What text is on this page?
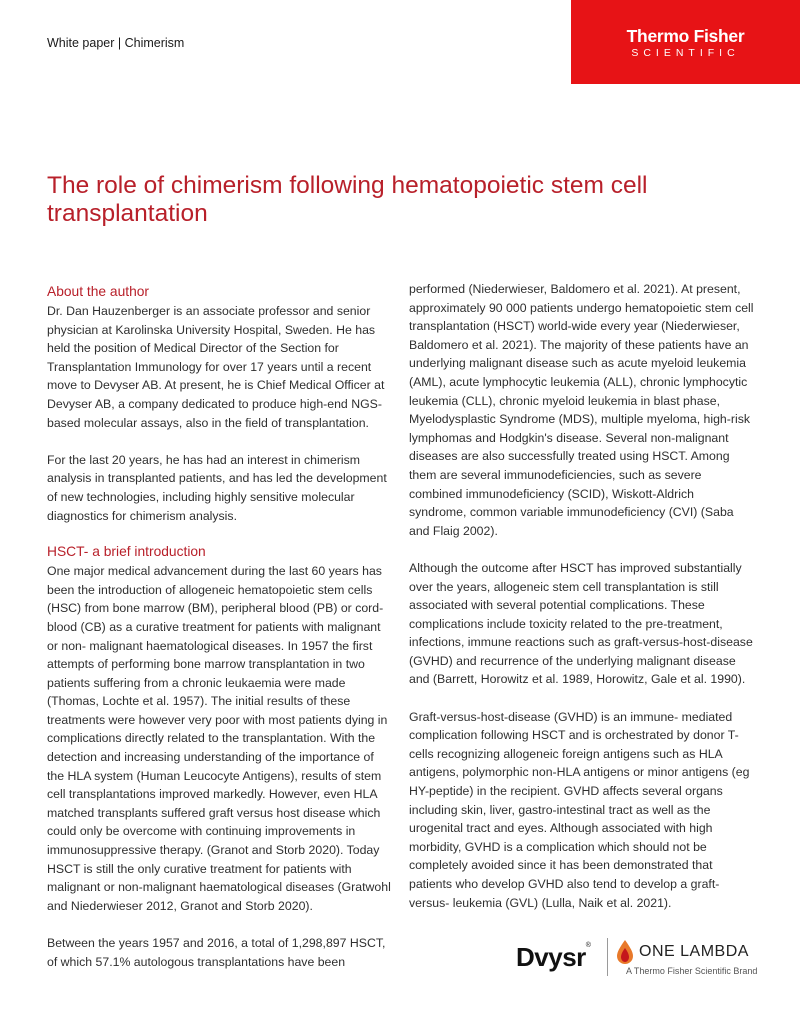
White paper | Chimerism	Thermo Fisher
SCIENTIFIC
The role of chimerism following hematopoietic stem cell transplantation
About the author

Dr. Dan Hauzenberger is an associate professor and senior physician at Karolinska University Hospital, Sweden. He has held the position of Medical Director of the Section for Transplantation Immunology for over 17 years until a recent move to Devyser AB. At present, he is Chief Medical Officer at Devyser AB, a company dedicated to produce high-end NGS-based molecular assays, also in the field of transplantation.

For the last 20 years, he has had an interest in chimerism analysis in transplanted patients, and has led the development of new technologies, including highly sensitive molecular diagnostics for chimerism analysis.

HSCT- a brief introduction

One major medical advancement during the last 60 years has been the introduction of allogeneic hematopoietic stem cells (HSC) from bone marrow (BM), peripheral blood (PB) or cord-blood (CB) as a curative treatment for patients with malignant or non- malignant haematological diseases. In 1957 the first attempts of performing bone marrow transplantation in two patients suffering from a chronic leukaemia were made (Thomas, Lochte et al. 1957). The initial results of these treatments were however very poor with most patients dying in complications directly related to the transplantation. With the detection and increasing understanding of the importance of the HLA system (Human Leucocyte Antigens), results of stem cell transplantations improved markedly. However, even HLA matched transplants suffered graft versus host disease which could only be overcome with continuing improvements in immunosuppressive therapy. (Granot and Storb 2020). Today HSCT is still the only curative treatment for patients with malignant or non-malignant haematological diseases (Gratwohl and Niederwieser 2012, Granot and Storb 2020).

Between the years 1957 and 2016, a total of 1,298,897 HSCT, of which 57.1% autologous transplantations have been

performed (Niederwieser, Baldomero et al. 2021). At present, approximately 90 000 patients undergo hematopoietic stem cell transplantation (HSCT) world-wide every year (Niederwieser, Baldomero et al. 2021). The majority of these patients have an underlying malignant disease such as acute myeloid leukemia (AML), acute lymphocytic leukemia (ALL), chronic lymphocytic leukemia (CLL), chronic myeloid leukemia in blast phase, Myelodysplastic Syndrome (MDS), multiple myeloma, high-risk lymphomas and Hodgkin's disease. Several non-malignant diseases are also successfully treated using HSCT. Among them are several immunodeficiencies, such as severe combined immunodeficiency (SCID), Wiskott-Aldrich syndrome, common variable immunodeficiency (CVI) (Saba and Flaig 2002).

Although the outcome after HSCT has improved substantially over the years, allogeneic stem cell transplantation is still associated with several potential complications. These complications include toxicity related to the pre-treatment, infections, immune reactions such as graft-versus-host-disease (GVHD) and recurrence of the underlying malignant disease and (Barrett, Horowitz et al. 1989, Horowitz, Gale et al. 1990).

Graft-versus-host-disease (GVHD) is an immune- mediated complication following HSCT and is orchestrated by donor T-cells recognizing allogeneic foreign antigens such as HLA antigens, polymorphic non-HLA antigens or minor antigens (eg HY-peptide) in the recipient. GVHD affects several organs including skin, liver, gastro-intestinal tract as well as the urogenital tract and eyes. Although associated with high morbidity, GVHD is a complication which should not be completely avoided since it has been demonstrated that patients who develop GVHD also tend to develop a graft-versus- leukemia (GVL) (Lulla, Naik et al. 2021).

Dvysr®	ONE LAMBDA
A Thermo Fisher Scientific Brand
